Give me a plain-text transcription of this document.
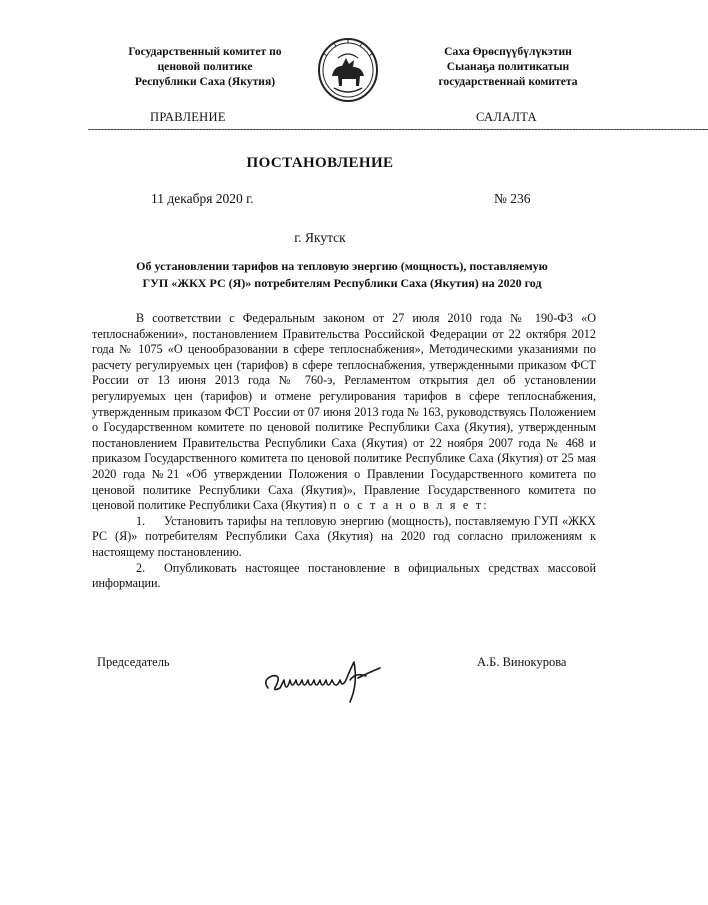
Государственный комитет по
ценовой политике
Республики Саха (Якутия)
Саха Өрөспүүбүлүкэтин
Сыанаҕа политикатын
государственнай комитета
ПРАВЛЕНИЕ	САЛАЛТА
----------------------------------------------------------------------------------------------------------------------------------------------------------------------------------------------------
ПОСТАНОВЛЕНИЕ
11 декабря 2020 г.	№ 236
г. Якутск
Об установлении тарифов на тепловую энергию (мощность), поставляемую
ГУП «ЖКХ РС (Я)» потребителям Республики Саха (Якутия) на 2020 год

В соответствии с Федеральным законом от 27 июля 2010 года № 190-ФЗ «О теплоснабжении», постановлением Правительства Российской Федерации от 22 октября 2012 года № 1075 «О ценообразовании в сфере теплоснабжения», Методическими указаниями по расчету регулируемых цен (тарифов) в сфере теплоснабжения, утвержденными приказом ФСТ России от 13 июня 2013 года № 760-э, Регламентом открытия дел об установлении регулируемых цен (тарифов) и отмене регулирования тарифов в сфере теплоснабжения, утвержденным приказом ФСТ России от 07 июня 2013 года № 163, руководствуясь Положением о Государственном комитете по ценовой политике Республики Саха (Якутия), утвержденным постановлением Правительства Республики Саха (Якутия) от 22 ноября 2007 года № 468 и приказом Государственного комитета по ценовой политике Республике Саха (Якутия) от 25 мая 2020 года №21 «Об утверждении Положения о Правлении Государственного комитета по ценовой политике Республики Саха (Якутия)», Правление Государственного комитета по ценовой политике Республики Саха (Якутия) п о с т а н о в л я е т:

1. Установить тарифы на тепловую энергию (мощность), поставляемую ГУП «ЖКХ РС (Я)» потребителям Республики Саха (Якутия) на 2020 год согласно приложениям к настоящему постановлению.

2. Опубликовать настоящее постановление в официальных средствах массовой информации.

Председатель	А.Б. Винокурова
